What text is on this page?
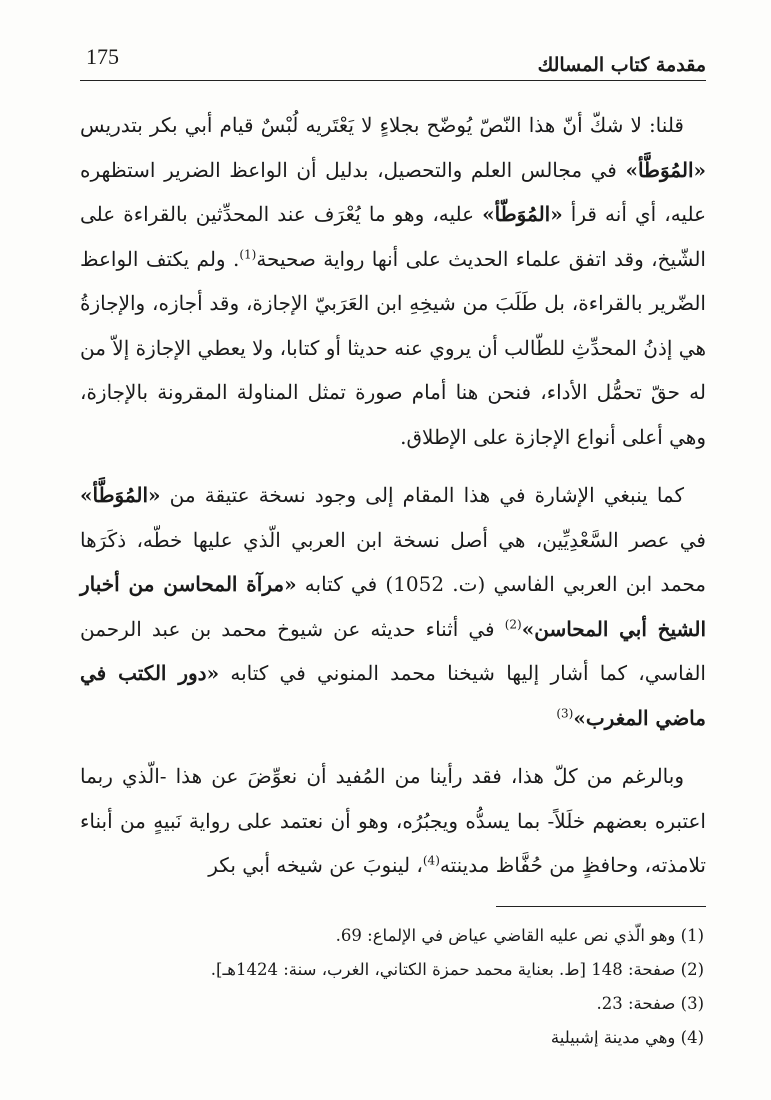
مقدمة كتاب المسالك
175

قلنا: لا شكّ أنّ هذا النّصّ يُوضّح بجلاءٍ لا يَعْتَريه لُبْسٌ قيام أبي بكر بتدريس «المُوَطَّأ» في مجالس العلم والتحصيل، بدليل أن الواعظ الضرير استظهره عليه، أي أنه قرأ «المُوَطّأ» عليه، وهو ما يُعْرَف عند المحدِّثين بالقراءة على الشّيخ، وقد اتفق علماء الحديث على أنها رواية صحيحة$^{(1)}$. ولم يكتف الواعظ الضّرير بالقراءة، بل طَلَبَ من شيخِهِ ابن العَرَبيّ الإجازة، وقد أجازه، والإجازةُ هي إذنُ المحدِّثِ للطّالب أن يروي عنه حديثا أو كتابا، ولا يعطي الإجازة إلاّ من له حقّ تحمُّل الأداء، فنحن هنا أمام صورة تمثل المناولة المقرونة بالإجازة، وهي أعلى أنواع الإجازة على الإطلاق.

كما ينبغي الإشارة في هذا المقام إلى وجود نسخة عتيقة من «المُوَطَّأ» في عصر السَّعْدِيِّين، هي أصل نسخة ابن العربي الّذي عليها خطّه، ذكَرَها محمد ابن العربي الفاسي (ت. 1052) في كتابه «مرآة المحاسن من أخبار الشيخ أبي المحاسن»$^{(2)}$ في أثناء حديثه عن شيوخ محمد بن عبد الرحمن الفاسي، كما أشار إليها شيخنا محمد المنوني في كتابه «دور الكتب في ماضي المغرب»$^{(3)}$

وبالرغم من كلّ هذا، فقد رأينا من المُفيد أن نعوِّضَ عن هذا -الّذي ربما اعتبره بعضهم خلَلاً- بما يسدُّه ويجبُرُه، وهو أن نعتمد على رواية نَبيهٍ من أبناء تلامذته، وحافظٍ من حُفَّاظ مدينته$^{(4)}$، لينوبَ عن شيخه أبي بكر

(1) وهو الّذي نص عليه القاضي عياض في الإلماع: 69.

(2) صفحة: 148 [ط. بعناية محمد حمزة الكتاني، الغرب، سنة: 1424هـ].

(3) صفحة: 23.

(4) وهي مدينة إشبيلية
